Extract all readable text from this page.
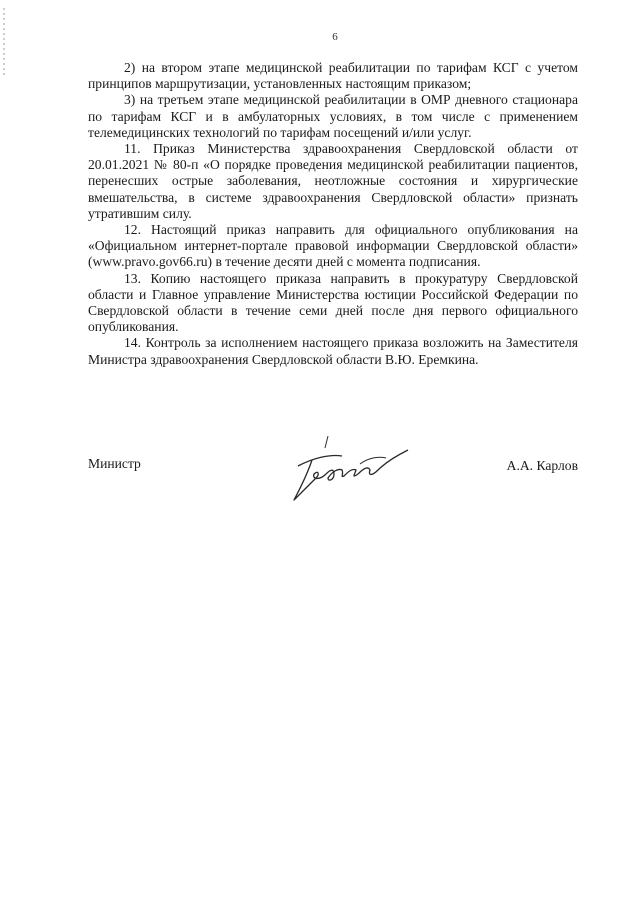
6

2) на втором этапе медицинской реабилитации по тарифам КСГ с учетом принципов маршрутизации, установленных настоящим приказом;

3) на третьем этапе медицинской реабилитации в ОМР дневного стационара по тарифам КСГ и в амбулаторных условиях, в том числе с применением телемедицинских технологий по тарифам посещений и/или услуг.

11. Приказ Министерства здравоохранения Свердловской области от 20.01.2021 № 80-п «О порядке проведения медицинской реабилитации пациентов, перенесших острые заболевания, неотложные состояния и хирургические вмешательства, в системе здравоохранения Свердловской области» признать утратившим силу.

12. Настоящий приказ направить для официального опубликования на «Официальном интернет-портале правовой информации Свердловской области» (www.pravo.gov66.ru) в течение десяти дней с момента подписания.

13. Копию настоящего приказа направить в прокуратуру Свердловской области и Главное управление Министерства юстиции Российской Федерации по Свердловской области в течение семи дней после дня первого официального опубликования.

14. Контроль за исполнением настоящего приказа возложить на Заместителя Министра здравоохранения Свердловской области В.Ю. Еремкина.

Министр	А.А. Карлов
